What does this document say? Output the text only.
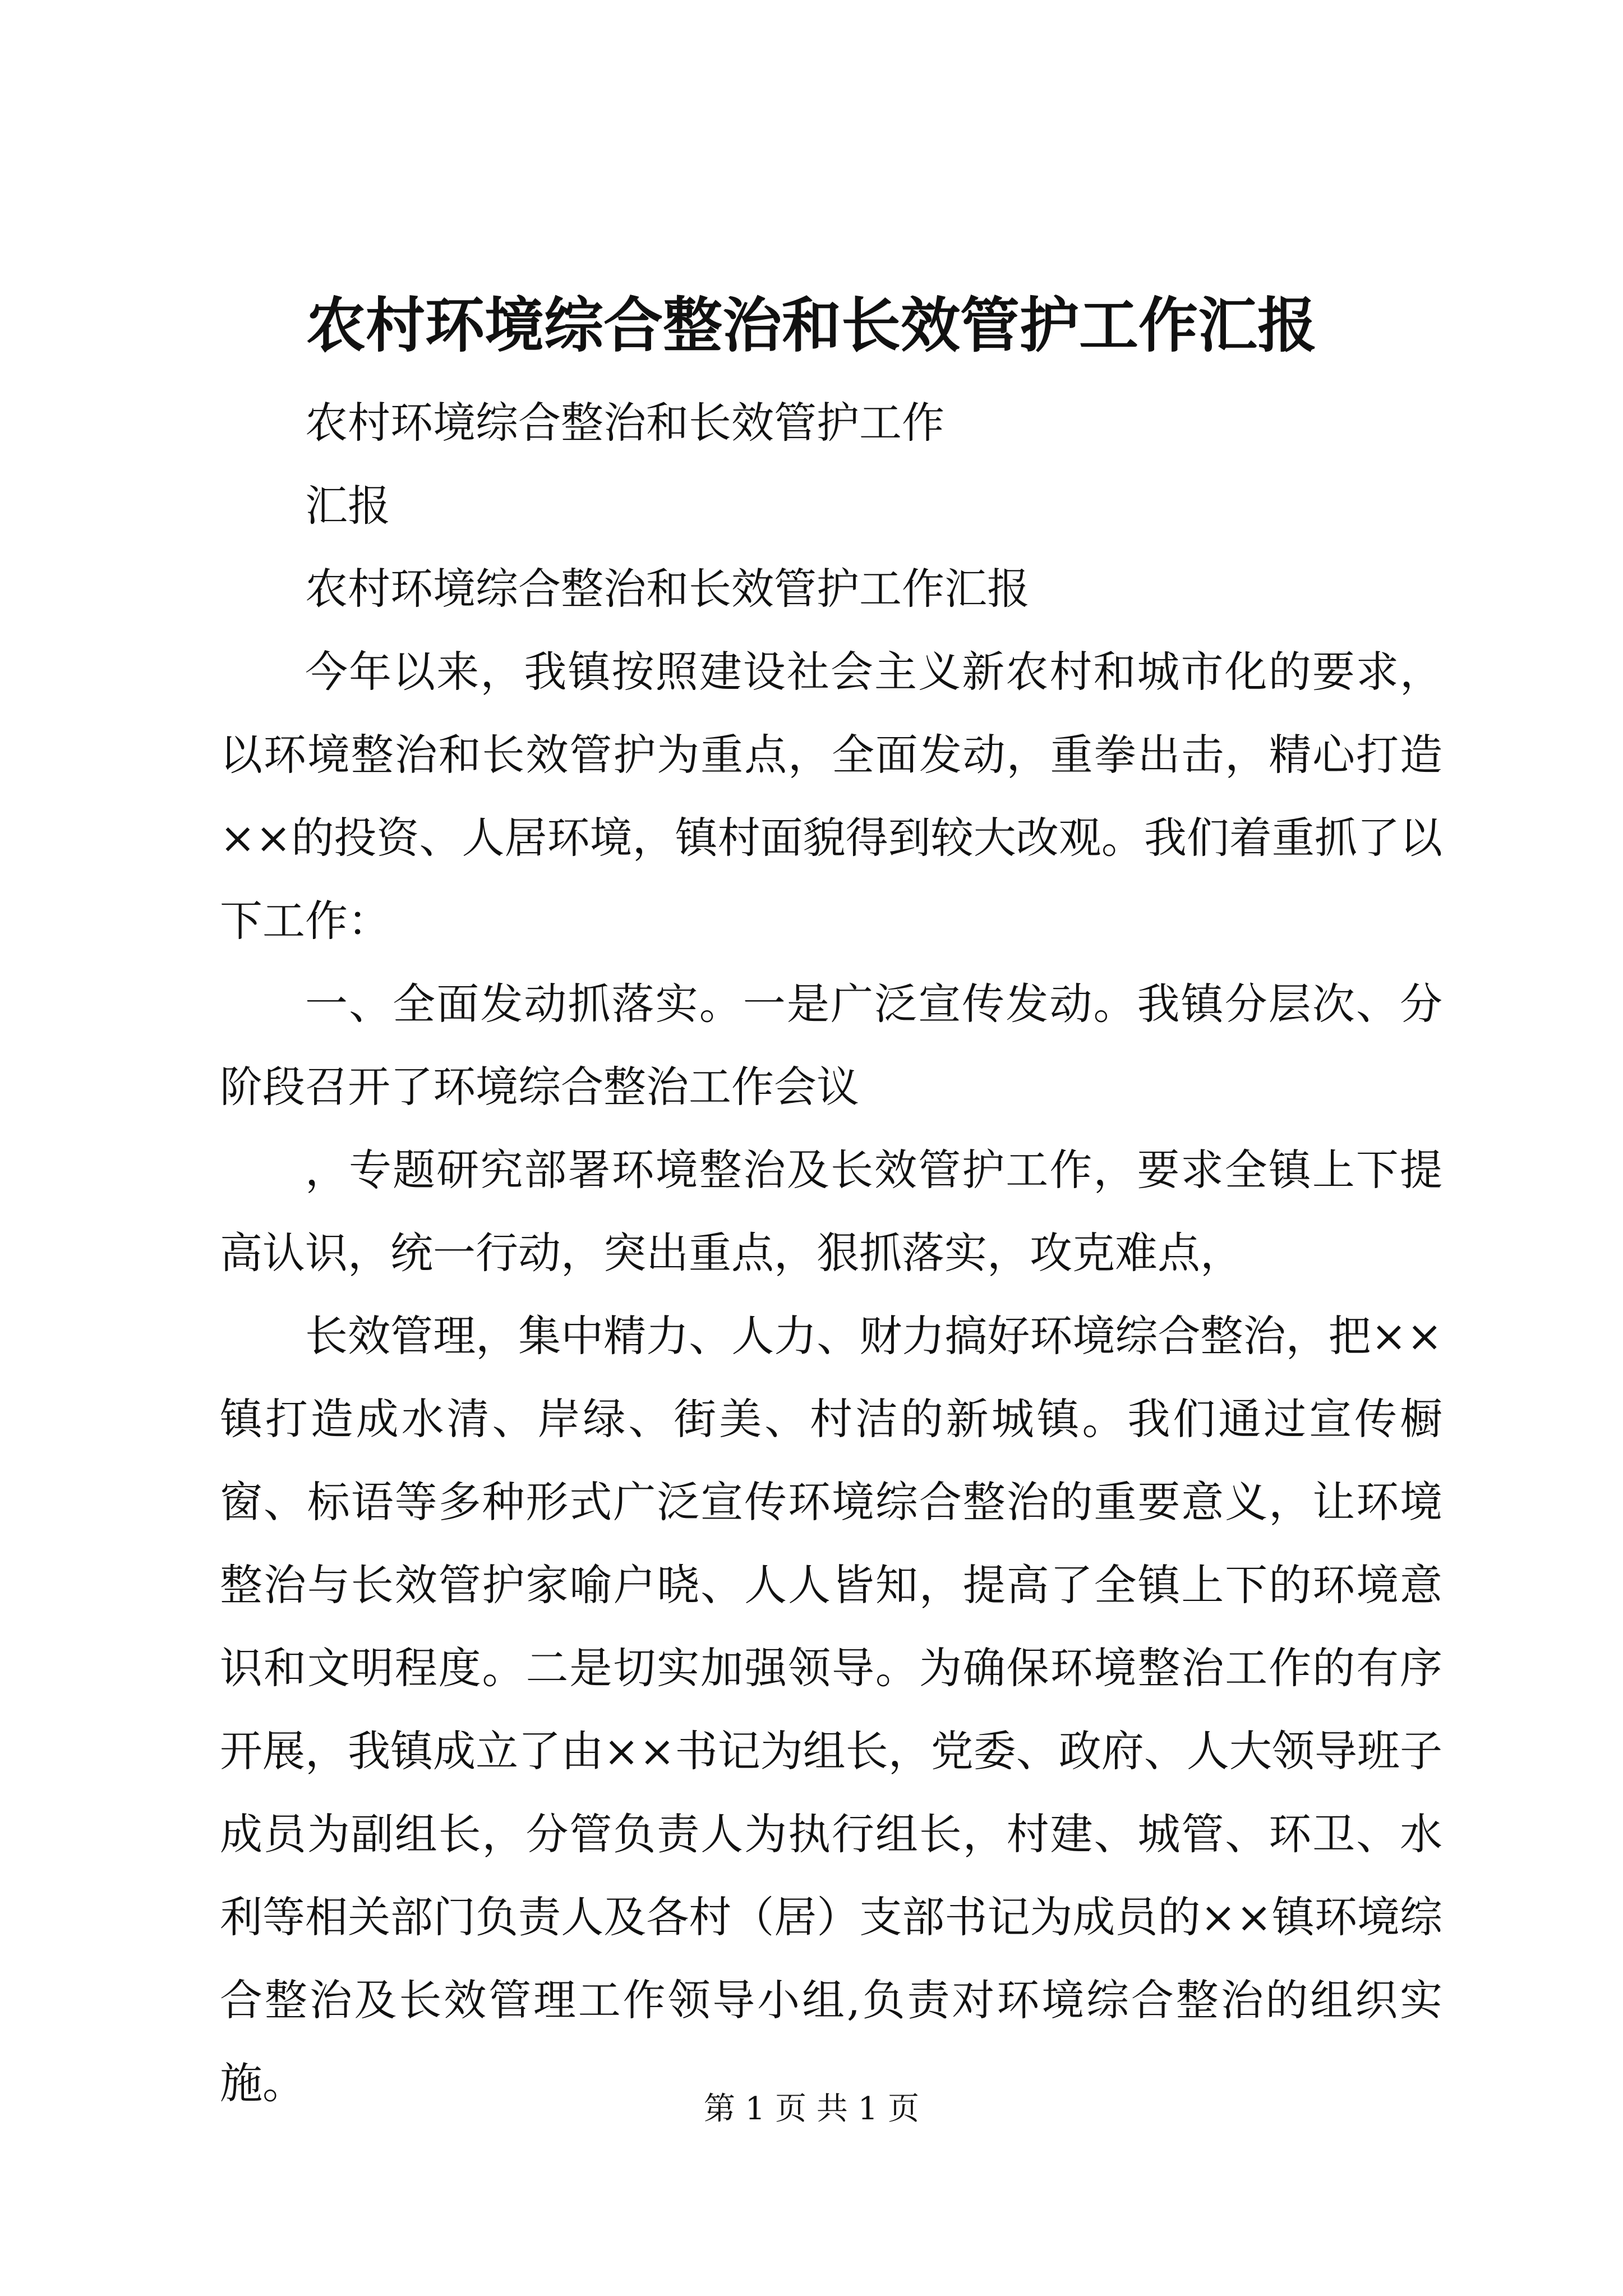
农村环境综合整治和长效管护工作汇报

农村环境综合整治和长效管护工作

汇报

农村环境综合整治和长效管护工作汇报

今年以来，我镇按照建设社会主义新农村和城市化的要求，以环境整治和长效管护为重点，全面发动，重拳出击，精心打造××的投资、人居环境，镇村面貌得到较大改观。我们着重抓了以下工作：

一、全面发动抓落实。一是广泛宣传发动。我镇分层次、分阶段召开了环境综合整治工作会议

，专题研究部署环境整治及长效管护工作，要求全镇上下提高认识，统一行动，突出重点，狠抓落实，攻克难点，

长效管理，集中精力、人力、财力搞好环境综合整治，把××镇打造成水清、岸绿、街美、村洁的新城镇。我们通过宣传橱窗、标语等多种形式广泛宣传环境综合整治的重要意义，让环境整治与长效管护家喻户晓、人人皆知，提高了全镇上下的环境意识和文明程度。二是切实加强领导。为确保环境整治工作的有序开展，我镇成立了由××书记为组长，党委、政府、人大领导班子成员为副组长，分管负责人为执行组长，村建、城管、环卫、水利等相关部门负责人及各村（居）支部书记为成员的××镇环境综合整治及长效管理工作领导小组,负责对环境综合整治的组织实施。

第 1 页 共 1 页
